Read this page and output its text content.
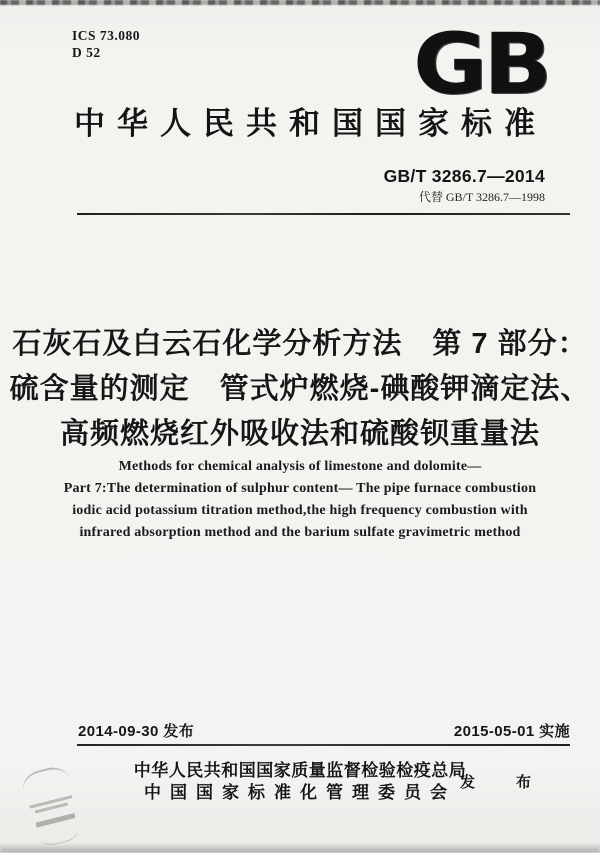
ICS 73.080
D 52	GB
中华人民共和国国家标准
GB/T 3286.7—2014
代替 GB/T 3286.7—1998
石灰石及白云石化学分析方法　第 7 部分：
硫含量的测定　管式炉燃烧-碘酸钾滴定法、
高频燃烧红外吸收法和硫酸钡重量法
Methods for chemical analysis of limestone and dolomite—
Part 7:The determination of sulphur content— The pipe furnace combustion
iodic acid potassium titration method,the high frequency combustion with
infrared absorption method and the barium sulfate gravimetric method
2014-09-30 发布	2015-05-01 实施
中华人民共和国国家质量监督检验检疫总局
中国国家标准化管理委员会 发　布
